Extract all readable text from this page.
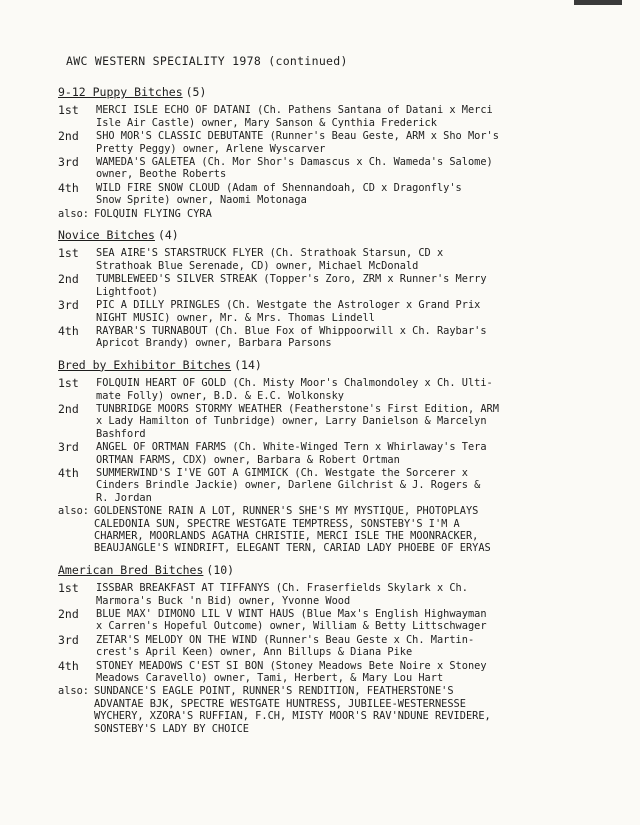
AWC WESTERN SPECIALITY 1978 (continued)
9-12 Puppy Bitches (5)
1st	MERCI ISLE ECHO OF DATANI (Ch. Pathens Santana of Datani x Merci
Isle Air Castle) owner, Mary Sanson & Cynthia Frederick
2nd	SHO MOR'S CLASSIC DEBUTANTE (Runner's Beau Geste, ARM x Sho Mor's
Pretty Peggy) owner, Arlene Wyscarver
3rd	WAMEDA'S GALETEA (Ch. Mor Shor's Damascus x Ch. Wameda's Salome)
owner, Beothe Roberts
4th	WILD FIRE SNOW CLOUD (Adam of Shennandoah, CD x Dragonfly's
Snow Sprite) owner, Naomi Motonaga
also: FOLQUIN FLYING CYRA
Novice Bitches (4)
1st	SEA AIRE'S STARSTRUCK FLYER (Ch. Strathoak Starsun, CD x
Strathoak Blue Serenade, CD) owner, Michael McDonald
2nd	TUMBLEWEED'S SILVER STREAK (Topper's Zoro, ZRM x Runner's Merry
Lightfoot)
3rd	PIC A DILLY PRINGLES (Ch. Westgate the Astrologer x Grand Prix
NIGHT MUSIC) owner, Mr. & Mrs. Thomas Lindell
4th	RAYBAR'S TURNABOUT (Ch. Blue Fox of Whippoorwill x Ch. Raybar's
Apricot Brandy) owner, Barbara Parsons
Bred by Exhibitor Bitches (14)
1st	FOLQUIN HEART OF GOLD (Ch. Misty Moor's Chalmondoley x Ch. Ulti-
mate Folly) owner, B.D. & E.C. Wolkonsky
2nd	TUNBRIDGE MOORS STORMY WEATHER (Featherstone's First Edition, ARM
x Lady Hamilton of Tunbridge) owner, Larry Danielson & Marcelyn
Bashford
3rd	ANGEL OF ORTMAN FARMS (Ch. White-Winged Tern x Whirlaway's Tera
ORTMAN FARMS, CDX) owner, Barbara & Robert Ortman
4th	SUMMERWIND'S I'VE GOT A GIMMICK (Ch. Westgate the Sorcerer x
Cinders Brindle Jackie) owner, Darlene Gilchrist & J. Rogers &
R. Jordan
also: GOLDENSTONE RAIN A LOT, RUNNER'S SHE'S MY MYSTIQUE, PHOTOPLAYS
CALEDONIA SUN, SPECTRE WESTGATE TEMPTRESS, SONSTEBY'S I'M A
CHARMER, MOORLANDS AGATHA CHRISTIE, MERCI ISLE THE MOONRACKER,
BEAUJANGLE'S WINDRIFT, ELEGANT TERN, CARIAD LADY PHOEBE OF ERYAS
American Bred Bitches (10)
1st	ISSBAR BREAKFAST AT TIFFANYS (Ch. Fraserfields Skylark x Ch.
Marmora's Buck 'n Bid) owner, Yvonne Wood
2nd	BLUE MAX' DIMONO LIL V WINT HAUS (Blue Max's English Highwayman
x Carren's Hopeful Outcome) owner, William & Betty Littschwager
3rd	ZETAR'S MELODY ON THE WIND (Runner's Beau Geste x Ch. Martin-
crest's April Keen) owner, Ann Billups & Diana Pike
4th	STONEY MEADOWS C'EST SI BON (Stoney Meadows Bete Noire x Stoney
Meadows Caravello) owner, Tami, Herbert, & Mary Lou Hart
also: SUNDANCE'S EAGLE POINT, RUNNER'S RENDITION, FEATHERSTONE'S
ADVANTAE BJK, SPECTRE WESTGATE HUNTRESS, JUBILEE-WESTERNESSE
WYCHERY, XZORA'S RUFFIAN, F.CH, MISTY MOOR'S RAV'NDUNE REVIDERE,
SONSTEBY'S LADY BY CHOICE
